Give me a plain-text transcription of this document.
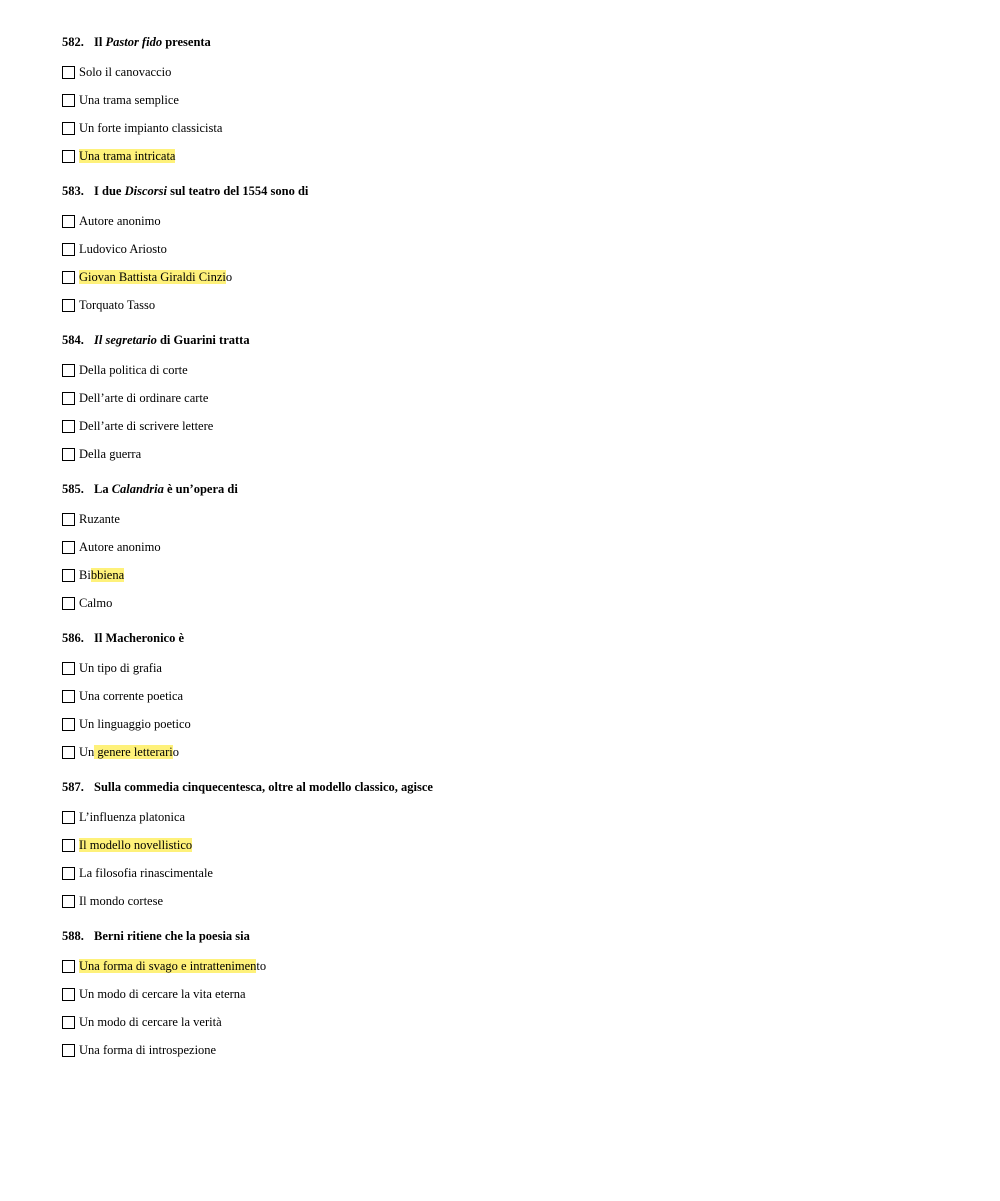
582. Il Pastor fido presenta
Solo il canovaccio
Una trama semplice
Un forte impianto classicista
Una trama intricata
583. I due Discorsi sul teatro del 1554 sono di
Autore anonimo
Ludovico Ariosto
Giovan Battista Giraldi Cinzio
Torquato Tasso
584. Il segretario di Guarini tratta
Della politica di corte
Dell’arte di ordinare carte
Dell’arte di scrivere lettere
Della guerra
585. La Calandria è un’opera di
Ruzante
Autore anonimo
Bibbiena
Calmo
586. Il Macheronico è
Un tipo di grafia
Una corrente poetica
Un linguaggio poetico
Un genere letterario
587. Sulla commedia cinquecentesca, oltre al modello classico, agisce
L’influenza platonica
Il modello novellistico
La filosofia rinascimentale
Il mondo cortese
588. Berni ritiene che la poesia sia
Una forma di svago e intrattenimento
Un modo di cercare la vita eterna
Un modo di cercare la verità
Una forma di introspezione
